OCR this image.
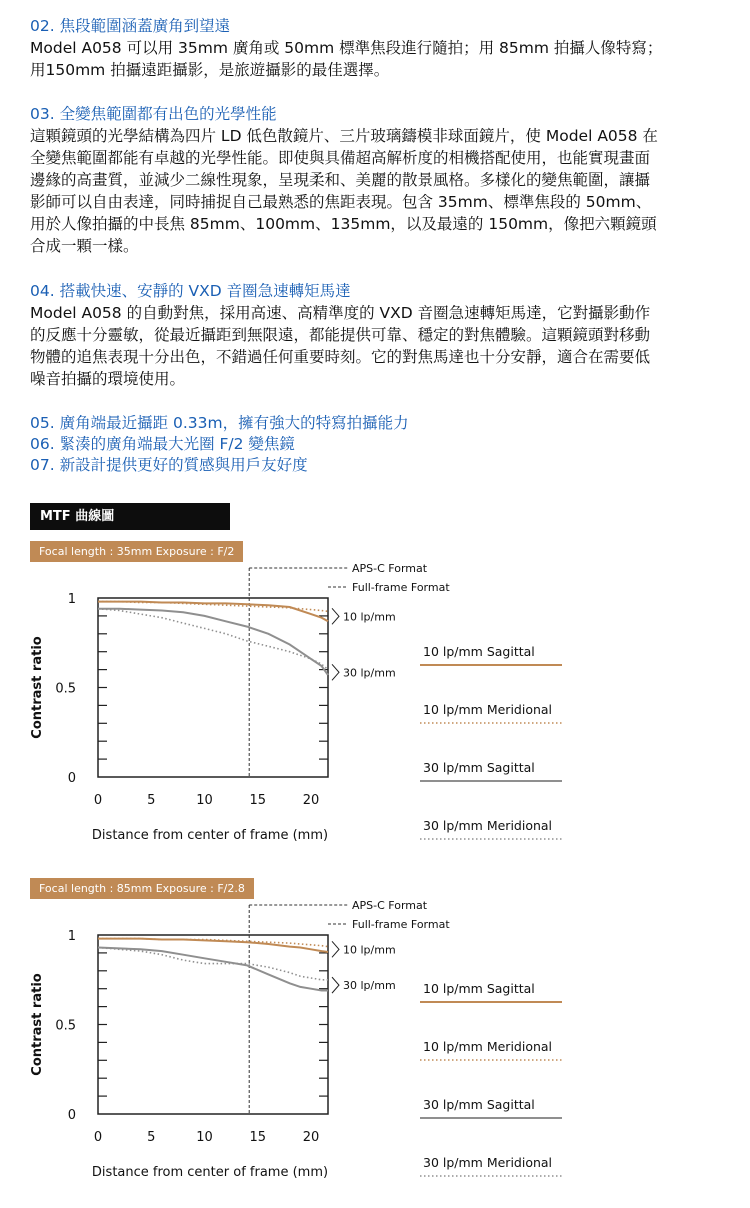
02. 焦段範圍涵蓋廣角到望遠

Model A058 可以用 35mm 廣角或 50mm 標準焦段進行隨拍；用 85mm 拍攝人像特寫；
用150mm 拍攝遠距攝影，是旅遊攝影的最佳選擇。

03. 全變焦範圍都有出色的光學性能

這顆鏡頭的光學結構為四片 LD 低色散鏡片、三片玻璃鑄模非球面鏡片，使 Model A058 在
全變焦範圍都能有卓越的光學性能。即使與具備超高解析度的相機搭配使用，也能實現畫面
邊緣的高畫質，並減少二線性現象，呈現柔和、美麗的散景風格。多樣化的變焦範圍，讓攝
影師可以自由表達，同時捕捉自己最熟悉的焦距表現。包含 35mm、標準焦段的 50mm、
用於人像拍攝的中長焦 85mm、100mm、135mm，以及最遠的 150mm，像把六顆鏡頭
合成一顆一樣。

04. 搭載快速、安靜的 VXD 音圈急速轉矩馬達

Model A058 的自動對焦，採用高速、高精準度的 VXD 音圈急速轉矩馬達，它對攝影動作
的反應十分靈敏，從最近攝距到無限遠，都能提供可靠、穩定的對焦體驗。這顆鏡頭對移動
物體的追焦表現十分出色，不錯過任何重要時刻。它的對焦馬達也十分安靜，適合在需要低
噪音拍攝的環境使用。

05. 廣角端最近攝距 0.33m，擁有強大的特寫拍攝能力
06. 緊湊的廣角端最大光圈 F/2 變焦鏡
07. 新設計提供更好的質感與用戶友好度
MTF 曲線圖
Focal length : 35mm Exposure : F/2
APS-C Format
Full-frame Format
10 lp/mm
30 lp/mm
0
0.5
1
0	5	10	15	20
Contrast ratio
Distance from center of frame (mm)
10 lp/mm Sagittal
10 lp/mm Meridional
30 lp/mm Sagittal
30 lp/mm Meridional
Focal length : 85mm Exposure : F/2.8
APS-C Format
Full-frame Format
10 lp/mm
30 lp/mm
0
0.5
1
0	5	10	15	20
Contrast ratio
Distance from center of frame (mm)
10 lp/mm Sagittal
10 lp/mm Meridional
30 lp/mm Sagittal
30 lp/mm Meridional
